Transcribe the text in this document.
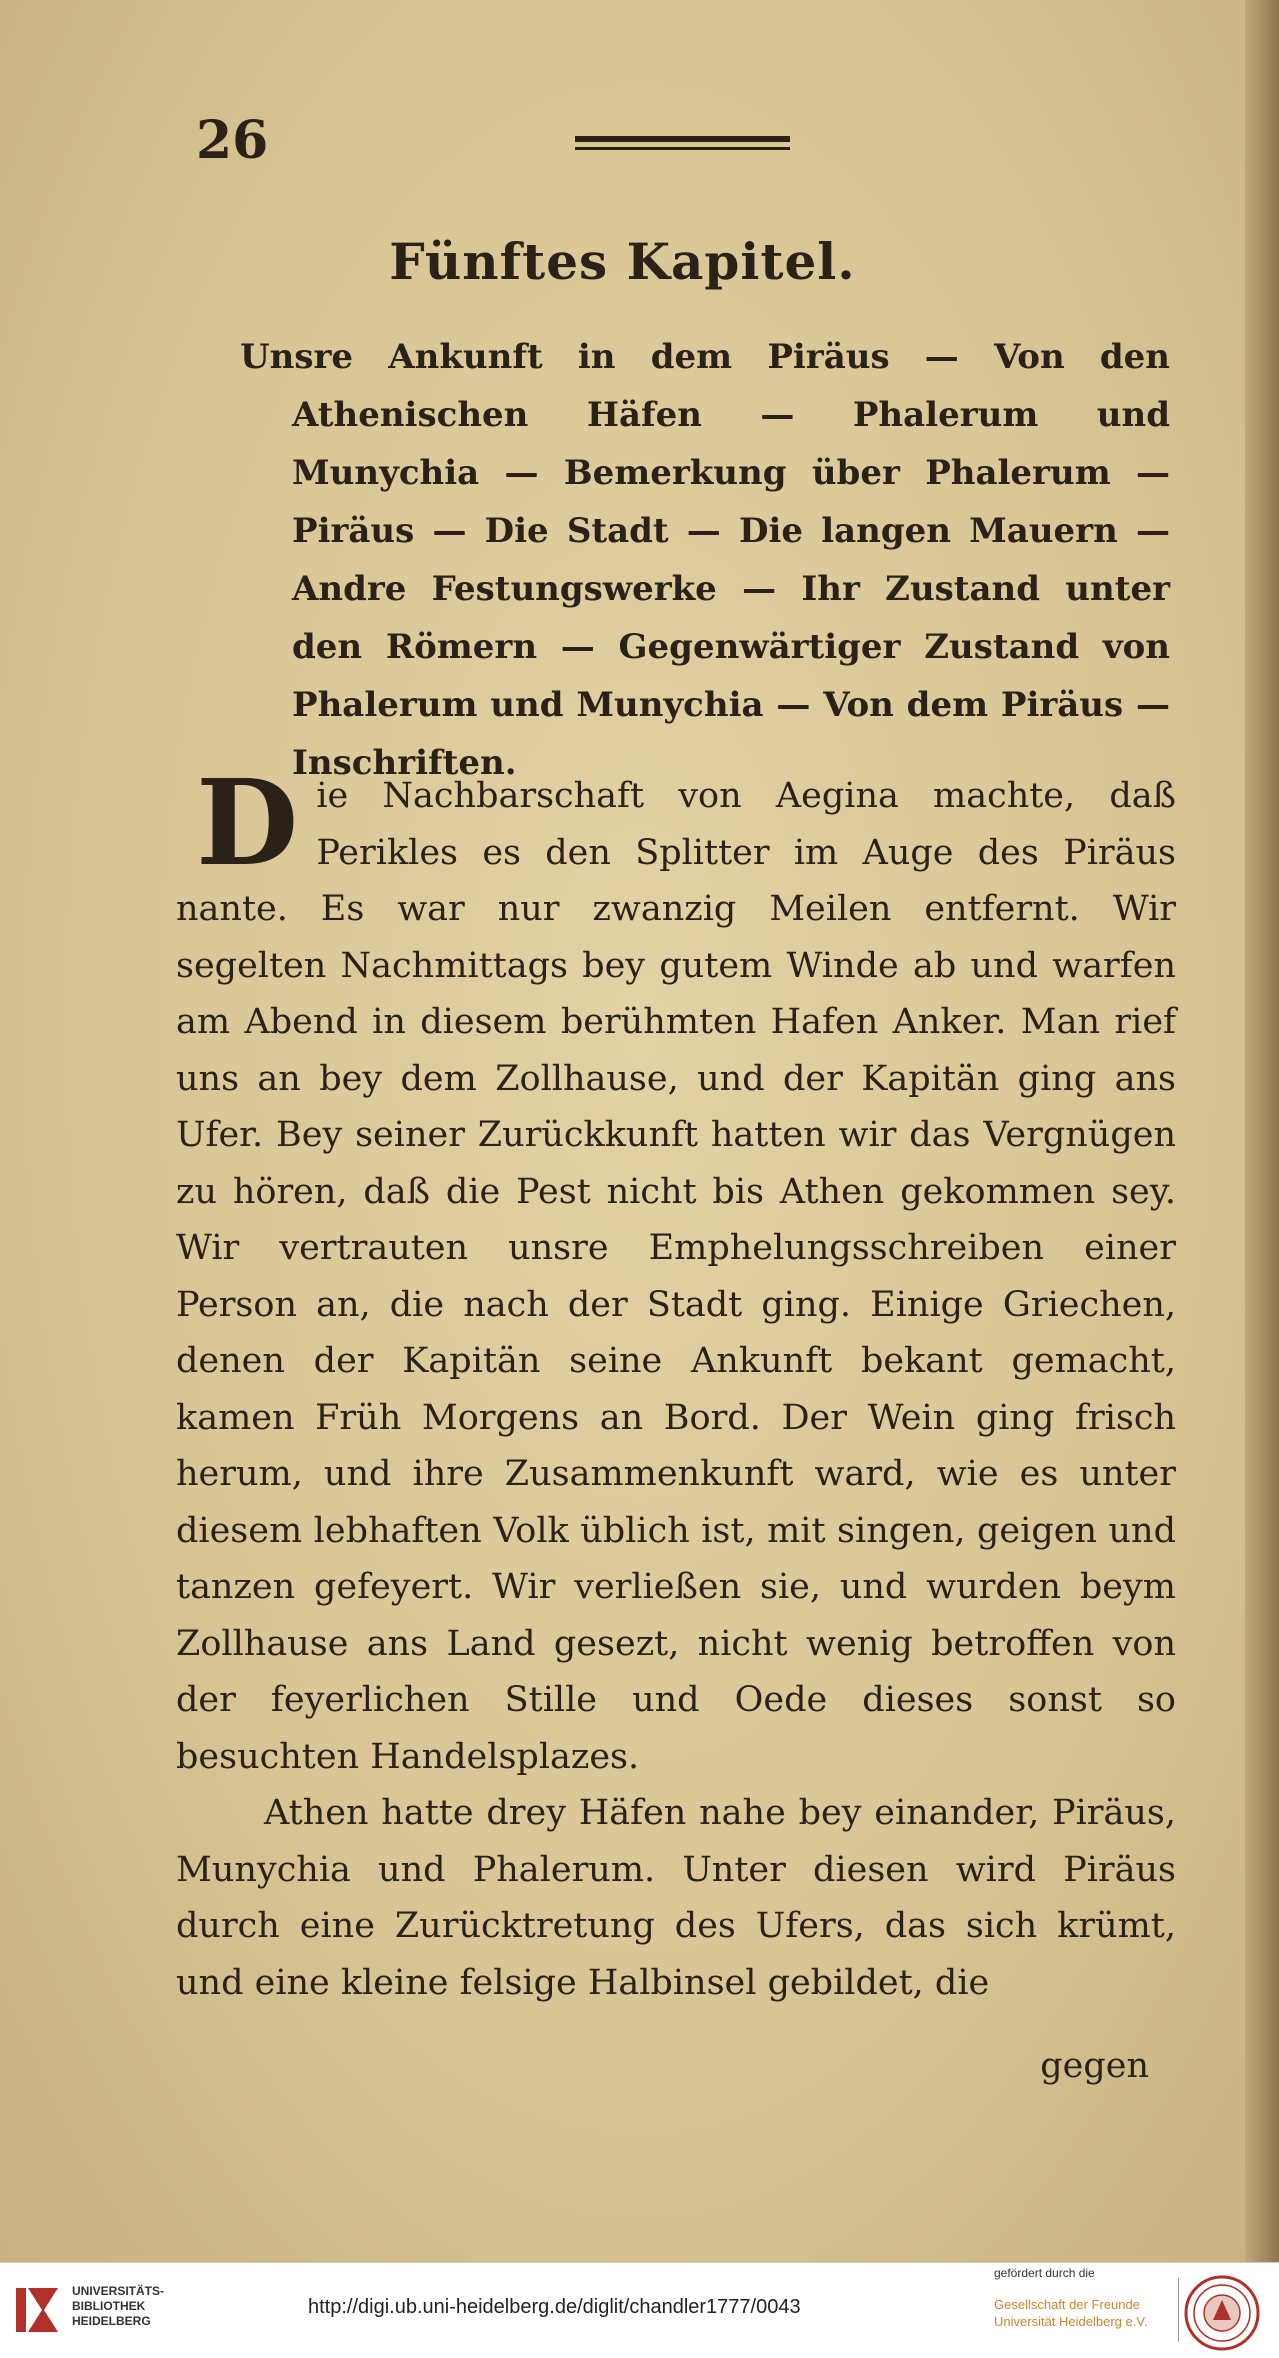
26
Fünftes Kapitel.
Unsre Ankunft in dem Piräus — Von den Athenischen Häfen — Phalerum und Munychia — Bemerkung über Phalerum — Piräus — Die Stadt — Die langen Mauern — Andre Festungswerke — Ihr Zustand unter den Römern — Gegenwärtiger Zustand von Phalerum und Munychia — Von dem Piräus — Inschriften.

Die Nachbarschaft von Aegina machte, daß Perikles es den Splitter im Auge des Piräus nante. Es war nur zwanzig Meilen entfernt. Wir segelten Nachmittags bey gutem Winde ab und warfen am Abend in diesem berühmten Hafen Anker. Man rief uns an bey dem Zollhause, und der Kapitän ging ans Ufer. Bey seiner Zurückkunft hatten wir das Vergnügen zu hören, daß die Pest nicht bis Athen gekommen sey. Wir vertrauten unsre Emphelungsschreiben einer Person an, die nach der Stadt ging. Einige Griechen, denen der Kapitän seine Ankunft bekant gemacht, kamen Früh Morgens an Bord. Der Wein ging frisch herum, und ihre Zusammenkunft ward, wie es unter diesem lebhaften Volk üblich ist, mit singen, geigen und tanzen gefeyert. Wir verließen sie, und wurden beym Zollhause ans Land gesezt, nicht wenig betroffen von der feyerlichen Stille und Oede dieses sonst so besuchten Handelsplazes.

Athen hatte drey Häfen nahe bey einander, Piräus, Munychia und Phalerum. Unter diesen wird Piräus durch eine Zurücktretung des Ufers, das sich krümt, und eine kleine felsige Halbinsel gebildet, die

gegen
UNIVERSITÄTS-
BIBLIOTHEK
HEIDELBERG
http://digi.ub.uni-heidelberg.de/diglit/chandler1777/0043
gefördert durch die
Gesellschaft der Freunde
Universität Heidelberg e.V.
